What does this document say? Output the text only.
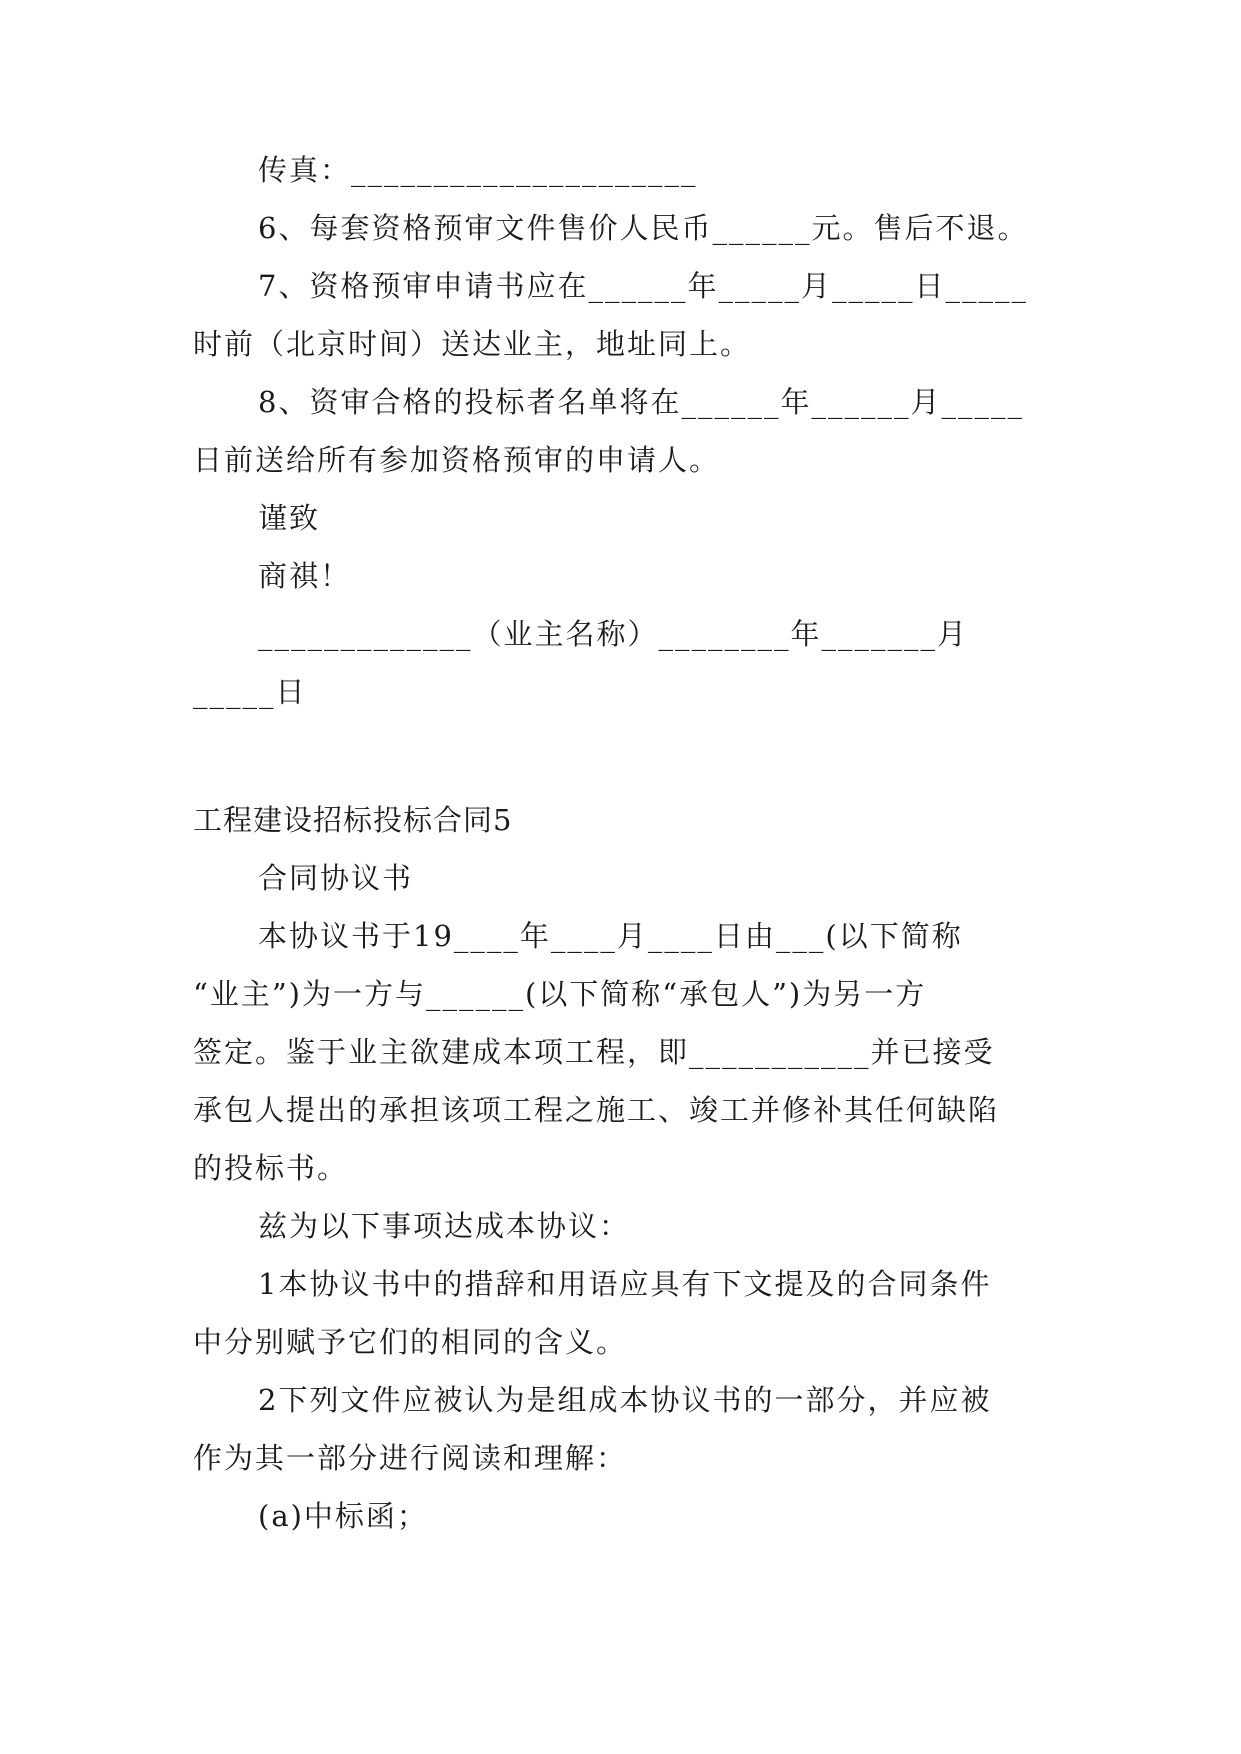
传真：_____________________

6、每套资格预审文件售价人民币______元。售后不退。

7、资格预审申请书应在______年_____月_____日_____

时前（北京时间）送达业主，地址同上。

8、资审合格的投标者名单将在______年______月_____

日前送给所有参加资格预审的申请人。

谨致

商祺！

_____________（业主名称）________年_______月

_____日

工程建设招标投标合同5

合同协议书

本协议书于19____年____月____日由___(以下简称

“业主”)为一方与______(以下简称“承包人”)为另一方

签定。鉴于业主欲建成本项工程，即___________并已接受

承包人提出的承担该项工程之施工、竣工并修补其任何缺陷

的投标书。

兹为以下事项达成本协议：

1本协议书中的措辞和用语应具有下文提及的合同条件

中分别赋予它们的相同的含义。

2下列文件应被认为是组成本协议书的一部分，并应被

作为其一部分进行阅读和理解：

(a)中标函；
